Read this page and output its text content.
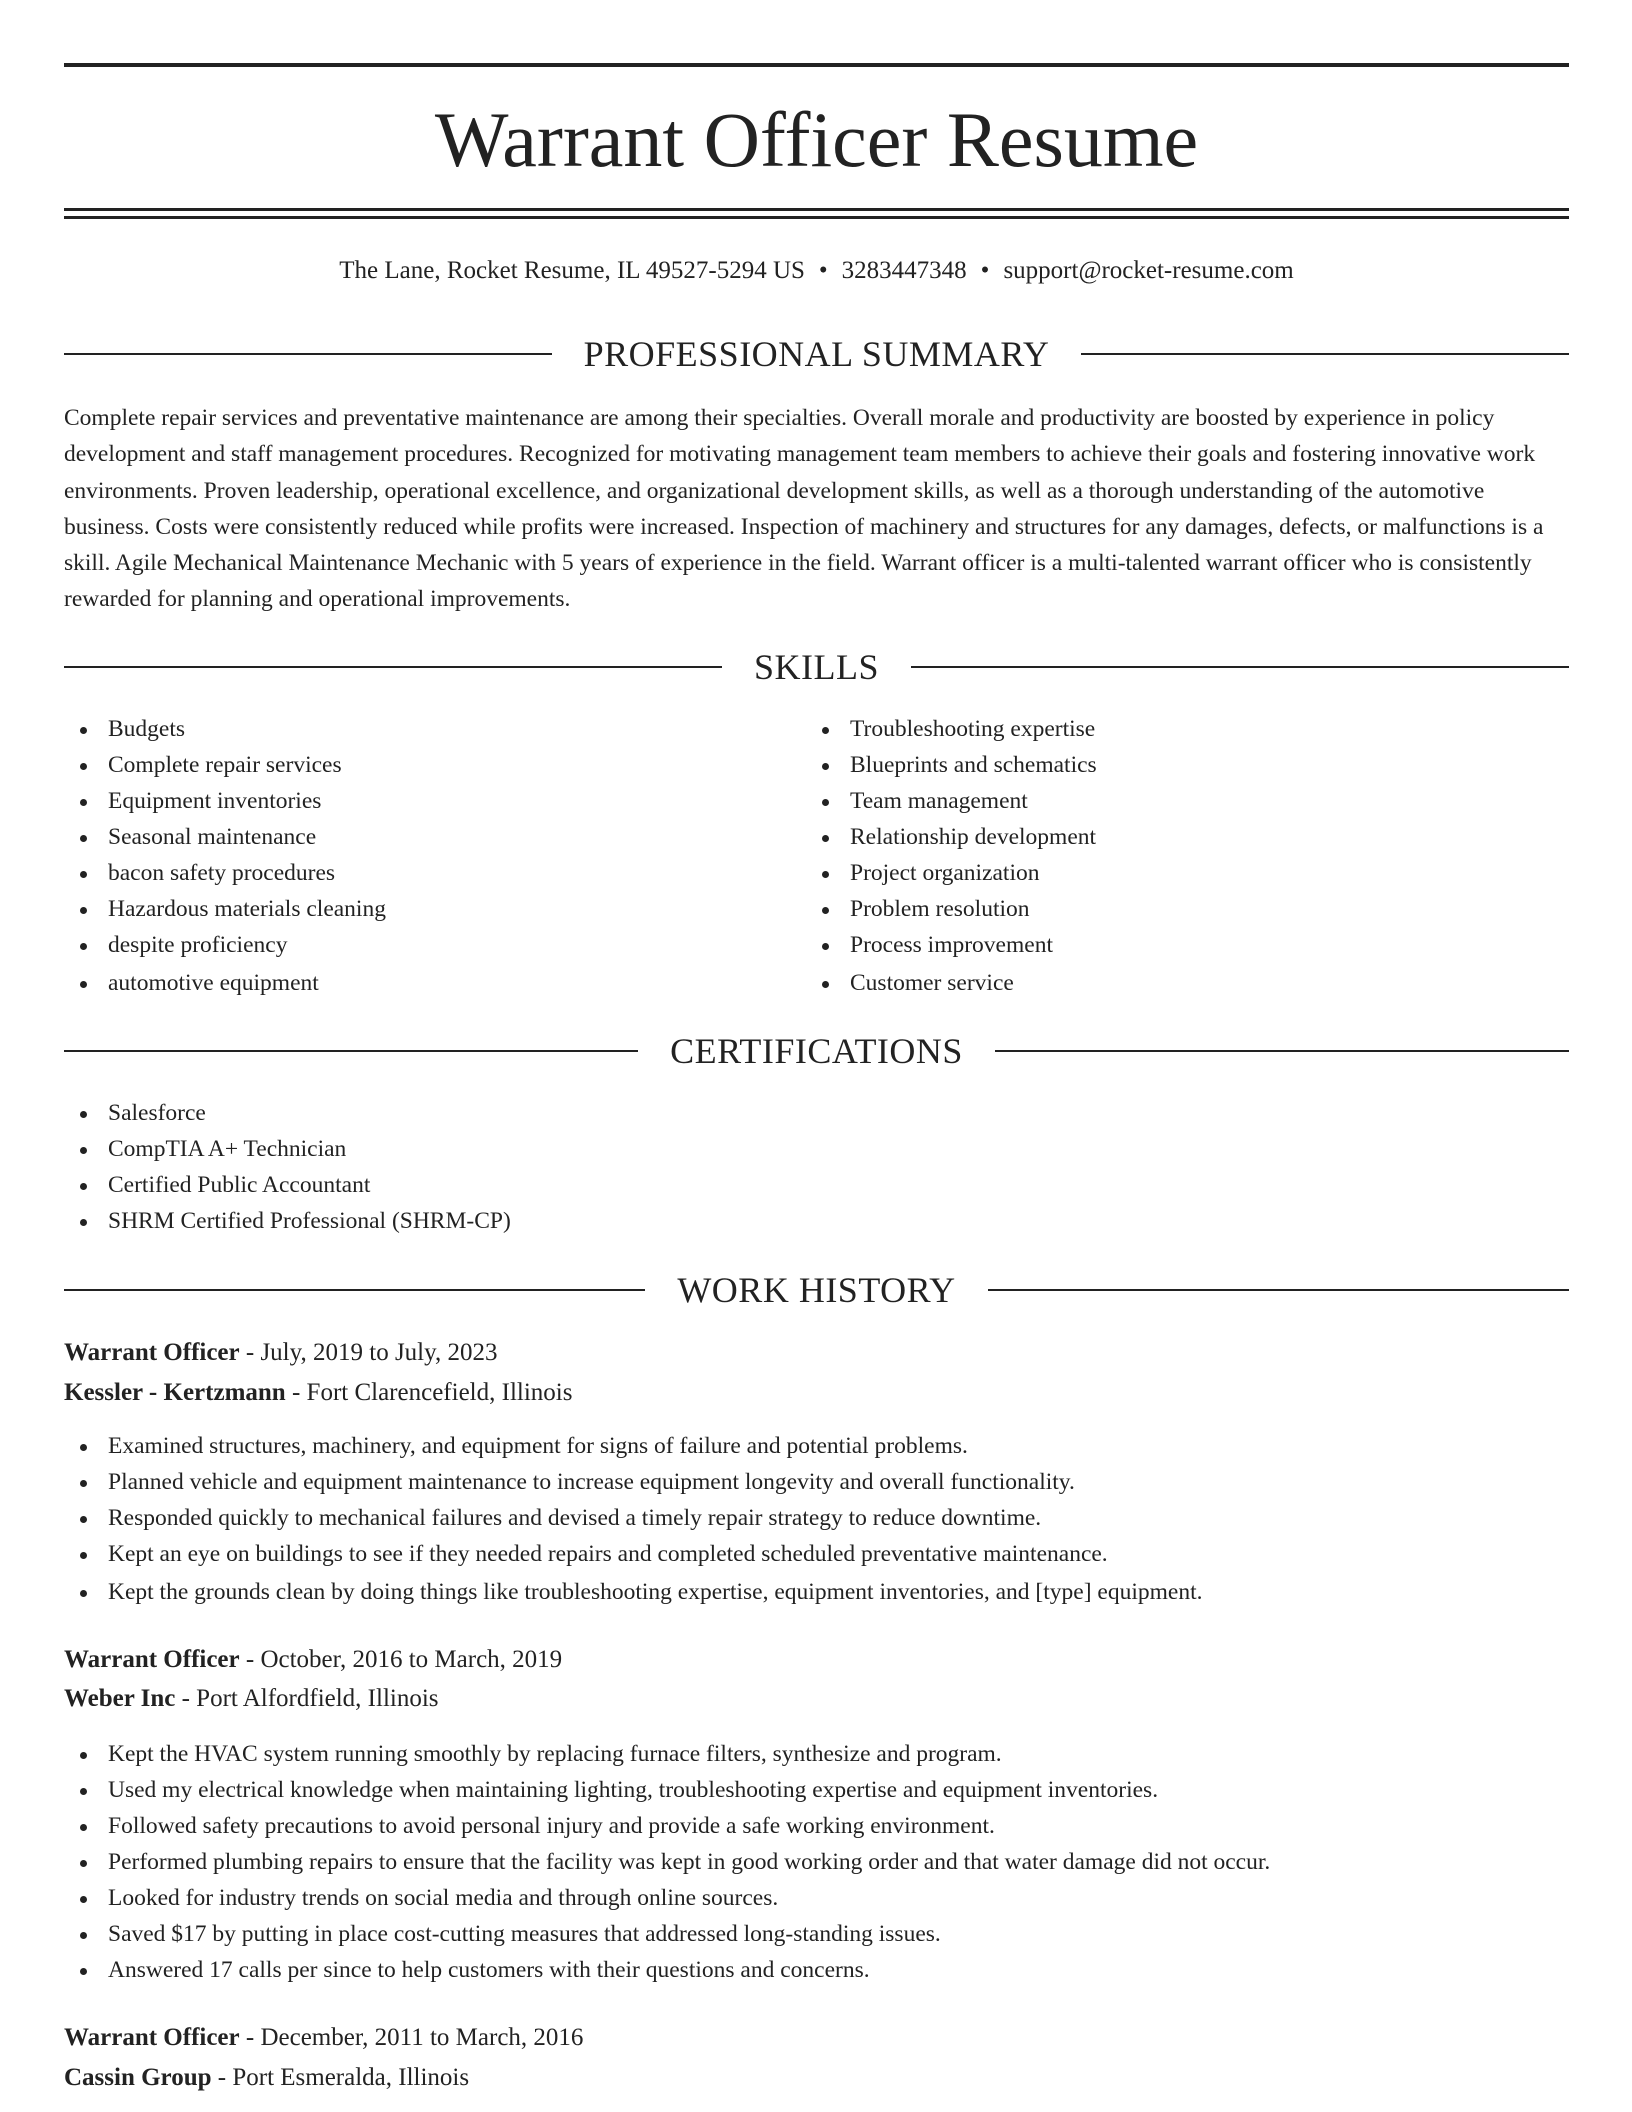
Warrant Officer Resume
The Lane, Rocket Resume, IL 49527-5294 US • 3283447348 • support@rocket-resume.com
PROFESSIONAL SUMMARY

Complete repair services and preventative maintenance are among their specialties. Overall morale and productivity are boosted by experience in policy development and staff management procedures. Recognized for motivating management team members to achieve their goals and fostering innovative work environments. Proven leadership, operational excellence, and organizational development skills, as well as a thorough understanding of the automotive business. Costs were consistently reduced while profits were increased. Inspection of machinery and structures for any damages, defects, or malfunctions is a skill. Agile Mechanical Maintenance Mechanic with 5 years of experience in the field. Warrant officer is a multi-talented warrant officer who is consistently rewarded for planning and operational improvements.

SKILLS
Budgets
Complete repair services
Equipment inventories
Seasonal maintenance
bacon safety procedures
Hazardous materials cleaning
despite proficiency
automotive equipment
Troubleshooting expertise
Blueprints and schematics
Team management
Relationship development
Project organization
Problem resolution
Process improvement
Customer service
CERTIFICATIONS
Salesforce
CompTIA A+ Technician
Certified Public Accountant
SHRM Certified Professional (SHRM-CP)
WORK HISTORY
Warrant Officer - July, 2019 to July, 2023
Kessler - Kertzmann - Fort Clarencefield, Illinois
Examined structures, machinery, and equipment for signs of failure and potential problems.
Planned vehicle and equipment maintenance to increase equipment longevity and overall functionality.
Responded quickly to mechanical failures and devised a timely repair strategy to reduce downtime.
Kept an eye on buildings to see if they needed repairs and completed scheduled preventative maintenance.
Kept the grounds clean by doing things like troubleshooting expertise, equipment inventories, and [type] equipment.
Warrant Officer - October, 2016 to March, 2019
Weber Inc - Port Alfordfield, Illinois
Kept the HVAC system running smoothly by replacing furnace filters, synthesize and program.
Used my electrical knowledge when maintaining lighting, troubleshooting expertise and equipment inventories.
Followed safety precautions to avoid personal injury and provide a safe working environment.
Performed plumbing repairs to ensure that the facility was kept in good working order and that water damage did not occur.
Looked for industry trends on social media and through online sources.
Saved $17 by putting in place cost-cutting measures that addressed long-standing issues.
Answered 17 calls per since to help customers with their questions and concerns.
Warrant Officer - December, 2011 to March, 2016
Cassin Group - Port Esmeralda, Illinois
